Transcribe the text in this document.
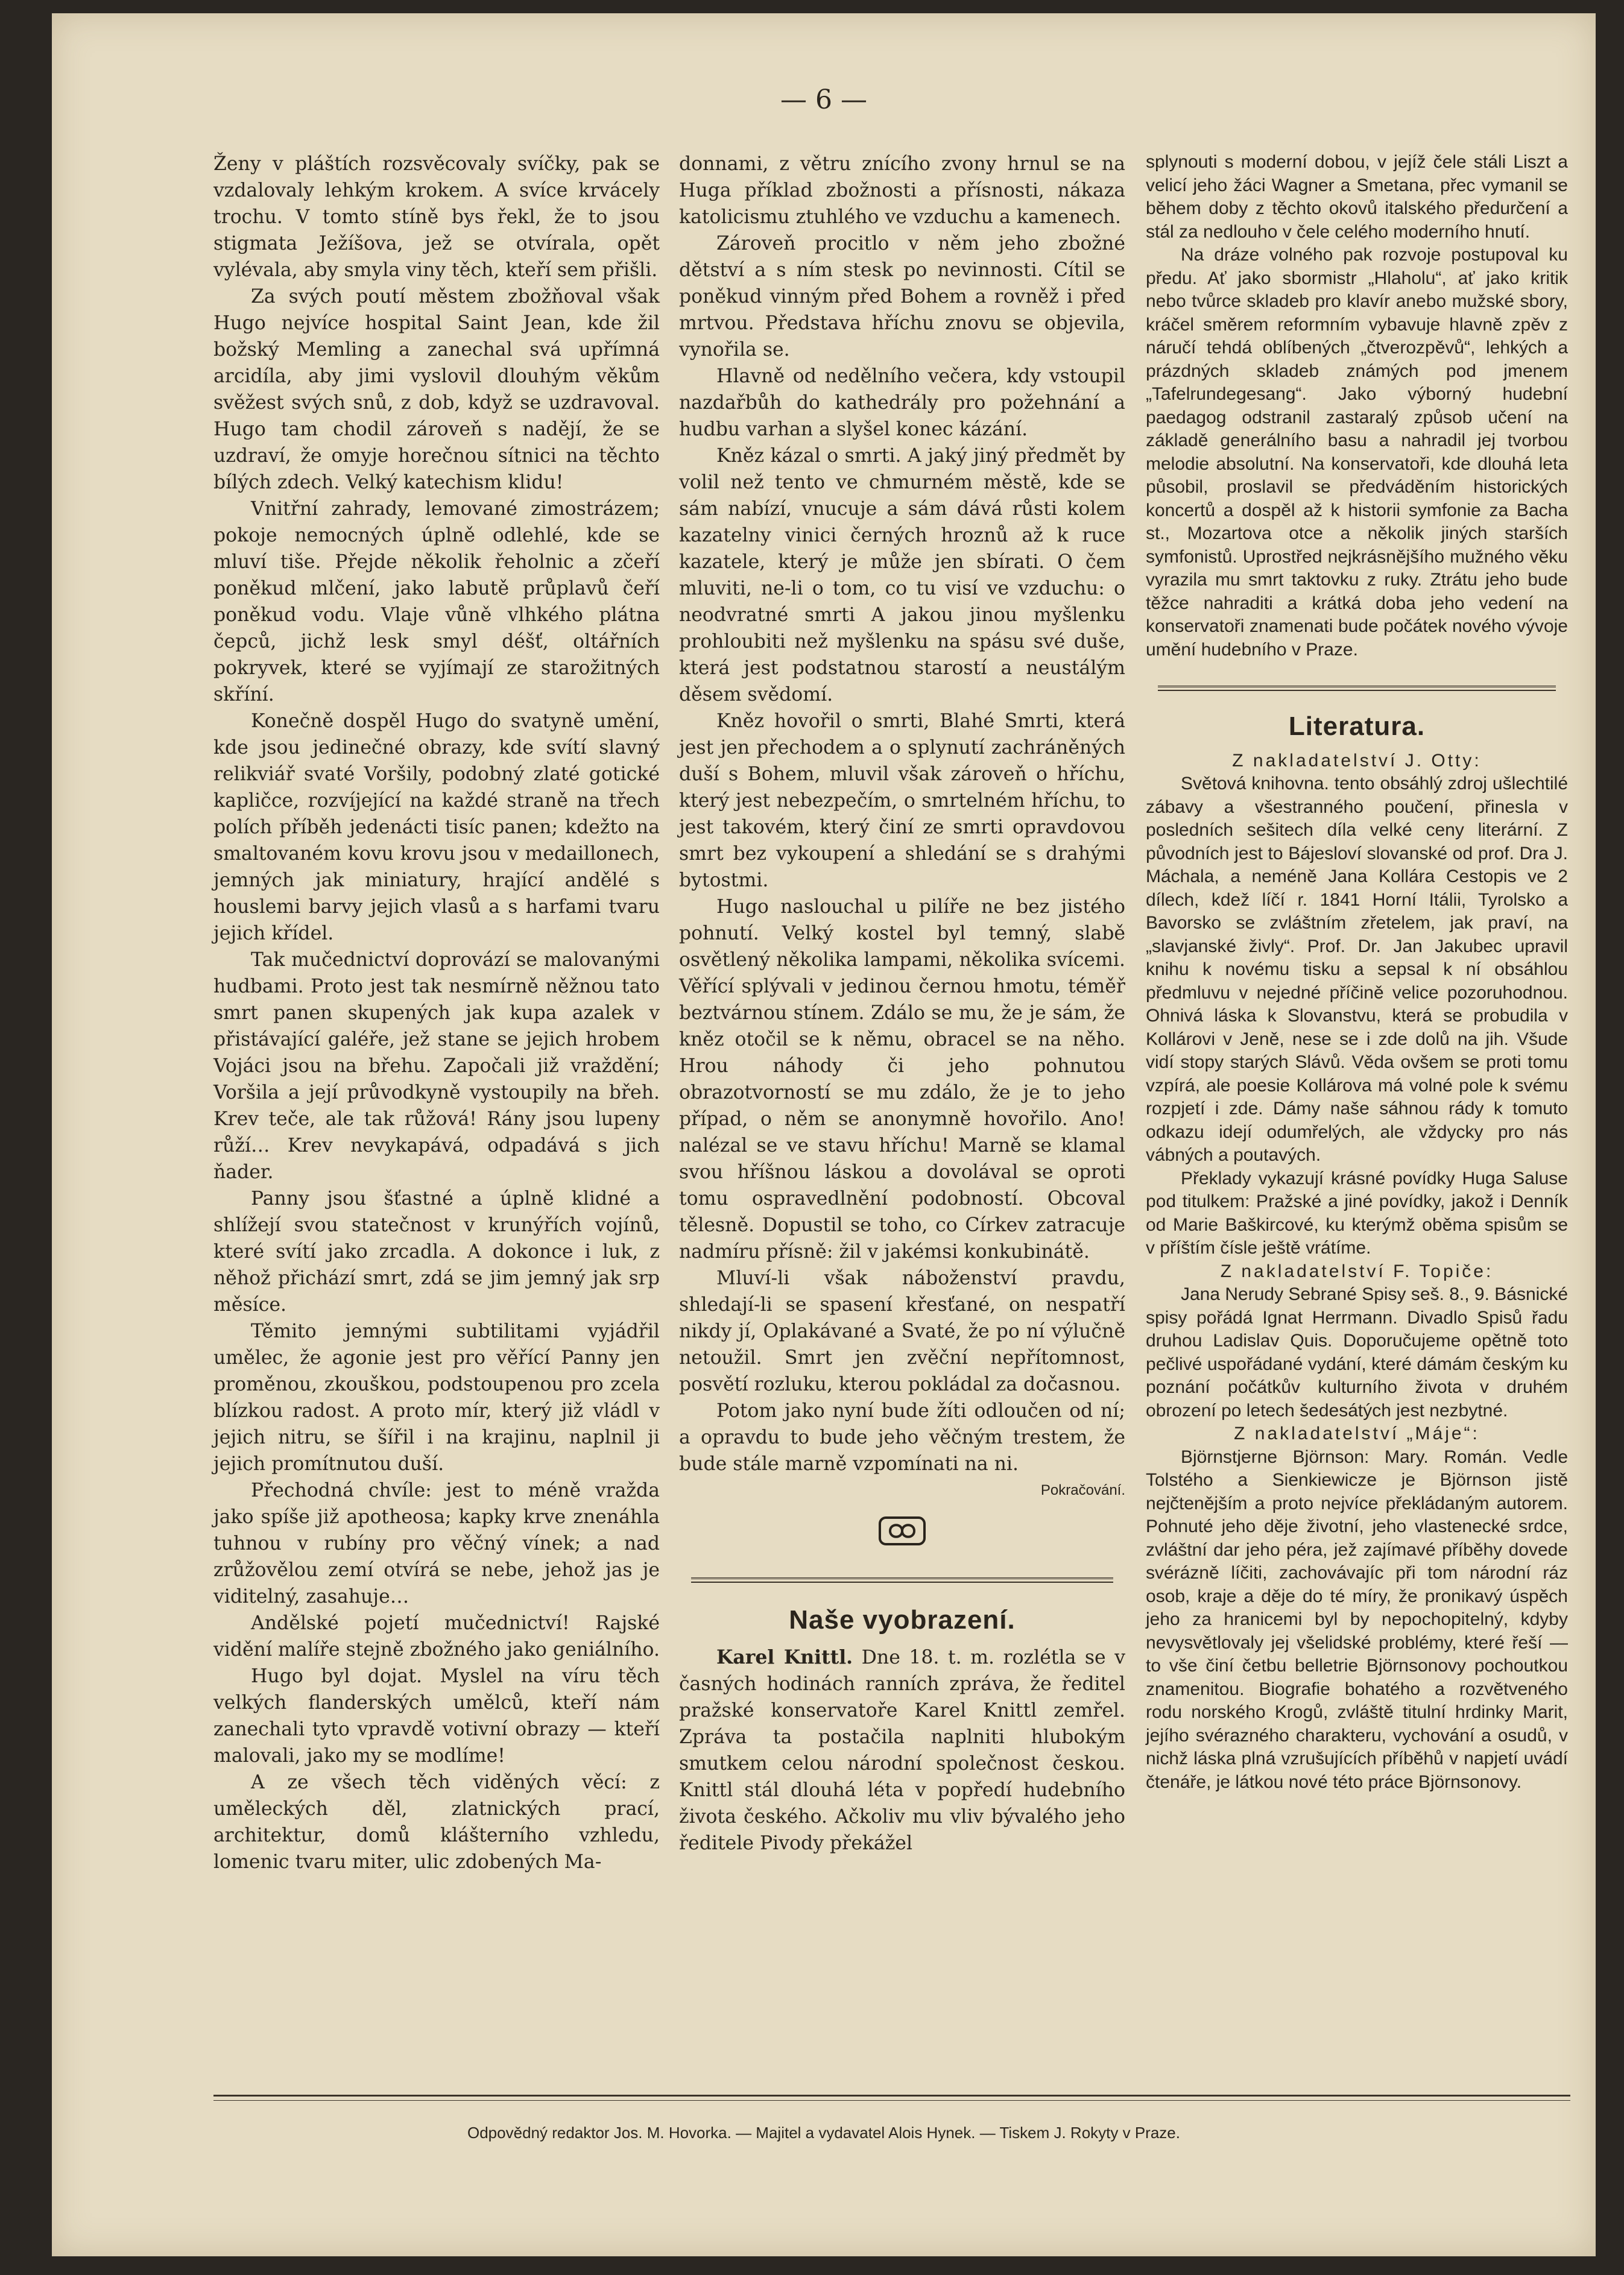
— 6 —

Ženy v pláštích rozsvěcovaly svíčky, pak se vzdalovaly lehkým krokem. A svíce krvácely trochu. V tomto stíně bys řekl, že to jsou stigmata Ježíšova, jež se otvírala, opět vylévala, aby smyla viny těch, kteří sem přišli.

Za svých poutí městem zbožňoval však Hugo nejvíce hospital Saint Jean, kde žil božský Memling a zanechal svá upřímná arcidíla, aby jimi vyslovil dlouhým věkům svěžest svých snů, z dob, když se uzdravoval. Hugo tam chodil zároveň s nadějí, že se uzdraví, že omyje horečnou sítnici na těchto bílých zdech. Velký katechism klidu!

Vnitřní zahrady, lemované zimostrázem; pokoje nemocných úplně odlehlé, kde se mluví tiše. Přejde několik řeholnic a zčeří poněkud mlčení, jako labutě průplavů čeří poněkud vodu. Vlaje vůně vlhkého plátna čepců, jichž lesk smyl déšť, oltářních pokryvek, které se vyjímají ze starožitných skříní.

Konečně dospěl Hugo do svatyně umění, kde jsou jedinečné obrazy, kde svítí slavný relikviář svaté Voršily, podobný zlaté gotické kapličce, rozvíjející na každé straně na třech polích příběh jedenácti tisíc panen; kdežto na smaltovaném kovu krovu jsou v medaillonech, jemných jak miniatury, hrající andělé s houslemi barvy jejich vlasů a s harfami tvaru jejich křídel.

Tak mučednictví doprovází se malovanými hudbami. Proto jest tak nesmírně něžnou tato smrt panen skupených jak kupa azalek v přistávající galéře, jež stane se jejich hrobem Vojáci jsou na břehu. Započali již vraždění; Voršila a její průvodkyně vystoupily na břeh. Krev teče, ale tak růžová! Rány jsou lupeny růží… Krev nevykapává, odpadává s jich ňader.

Panny jsou šťastné a úplně klidné a shlížejí svou statečnost v krunýřích vojínů, které svítí jako zrcadla. A dokonce i luk, z něhož přichází smrt, zdá se jim jemný jak srp měsíce.

Těmito jemnými subtilitami vyjádřil umělec, že agonie jest pro věřící Panny jen proměnou, zkouškou, podstoupenou pro zcela blízkou radost. A proto mír, který již vládl v jejich nitru, se šířil i na krajinu, naplnil ji jejich promítnutou duší.

Přechodná chvíle: jest to méně vražda jako spíše již apotheosa; kapky krve znenáhla tuhnou v rubíny pro věčný vínek; a nad zrůžovělou zemí otvírá se nebe, jehož jas je viditelný, zasahuje…

Andělské pojetí mučednictví! Rajské vidění malíře stejně zbožného jako geniálního.

Hugo byl dojat. Myslel na víru těch velkých flanderských umělců, kteří nám zanechali tyto vpravdě votivní obrazy — kteří malovali, jako my se modlíme!

A ze všech těch viděných věcí: z uměleckých děl, zlatnických prací, architektur, domů klášterního vzhledu, lomenic tvaru miter, ulic zdobených Ma-

donnami, z větru znícího zvony hrnul se na Huga příklad zbožnosti a přísnosti, nákaza katolicismu ztuhlého ve vzduchu a kamenech.

Zároveň procitlo v něm jeho zbožné dětství a s ním stesk po nevinnosti. Cítil se poněkud vinným před Bohem a rovněž i před mrtvou. Představa hříchu znovu se objevila, vynořila se.

Hlavně od nedělního večera, kdy vstoupil nazdařbůh do kathedrály pro požehnání a hudbu varhan a slyšel konec kázání.

Kněz kázal o smrti. A jaký jiný předmět by volil než tento ve chmurném městě, kde se sám nabízí, vnucuje a sám dává růsti kolem kazatelny vinici černých hroznů až k ruce kazatele, který je může jen sbírati. O čem mluviti, ne-li o tom, co tu visí ve vzduchu: o neodvratné smrti A jakou jinou myšlenku prohloubiti než myšlenku na spásu své duše, která jest podstatnou starostí a neustálým děsem svědomí.

Kněz hovořil o smrti, Blahé Smrti, která jest jen přechodem a o splynutí zachráněných duší s Bohem, mluvil však zároveň o hříchu, který jest nebezpečím, o smrtelném hříchu, to jest takovém, který činí ze smrti opravdovou smrt bez vykoupení a shledání se s drahými bytostmi.

Hugo naslouchal u pilíře ne bez jistého pohnutí. Velký kostel byl temný, slabě osvětlený několika lampami, několika svícemi. Věřící splývali v jedinou černou hmotu, téměř beztvárnou stínem. Zdálo se mu, že je sám, že kněz otočil se k němu, obracel se na něho. Hrou náhody či jeho pohnutou obrazotvorností se mu zdálo, že je to jeho případ, o něm se anonymně hovořilo. Ano! nalézal se ve stavu hříchu! Marně se klamal svou hříšnou láskou a dovolával se oproti tomu ospravedlnění podobností. Obcoval tělesně. Dopustil se toho, co Církev zatracuje nadmíru přísně: žil v jakémsi konkubinátě.

Mluví-li však náboženství pravdu, shledají-li se spasení křesťané, on nespatří nikdy jí, Oplakávané a Svaté, že po ní výlučně netoužil. Smrt jen zvěční nepřítomnost, posvětí rozluku, kterou pokládal za dočasnou.

Potom jako nyní bude žíti odloučen od ní; a opravdu to bude jeho věčným trestem, že bude stále marně vzpomínati na ni.

Pokračování.

Naše vyobrazení.

Karel Knittl. Dne 18. t. m. rozlétla se v časných hodinách ranních zpráva, že ředitel pražské konservatoře Karel Knittl zemřel. Zpráva ta postačila naplniti hlubokým smutkem celou národní společnost českou. Knittl stál dlouhá léta v popředí hudebního života českého. Ačkoliv mu vliv bývalého jeho ředitele Pivody překážel

splynouti s moderní dobou, v jejíž čele stáli Liszt a velicí jeho žáci Wagner a Smetana, přec vymanil se během doby z těchto okovů italského předurčení a stál za nedlouho v čele celého moderního hnutí.

Na dráze volného pak rozvoje postupoval ku předu. Ať jako sbormistr „Hlaholu“, ať jako kritik nebo tvůrce skladeb pro klavír anebo mužské sbory, kráčel směrem reformním vybavuje hlavně zpěv z náručí tehdá oblíbených „čtverozpěvů“, lehkých a prázdných skladeb známých pod jmenem „Tafelrundegesang“. Jako výborný hudební paedagog odstranil zastaralý způsob učení na základě generálního basu a nahradil jej tvorbou melodie absolutní. Na konservatoři, kde dlouhá leta působil, proslavil se předváděním historických koncertů a dospěl až k historii symfonie za Bacha st., Mozartova otce a několik jiných starších symfonistů. Uprostřed nejkrásnějšího mužného věku vyrazila mu smrt taktovku z ruky. Ztrátu jeho bude těžce nahraditi a krátká doba jeho vedení na konservatoři znamenati bude počátek nového vývoje umění hudebního v Praze.

Literatura.

Z nakladatelství J. Otty:

Světová knihovna. tento obsáhlý zdroj ušlechtilé zábavy a všestranného poučení, přinesla v posledních sešitech díla velké ceny literární. Z původních jest to Bájesloví slovanské od prof. Dra J. Máchala, a neméně Jana Kollára Cestopis ve 2 dílech, kdež líčí r. 1841 Horní Itálii, Tyrolsko a Bavorsko se zvláštním zřetelem, jak praví, na „slavjanské živly“. Prof. Dr. Jan Jakubec upravil knihu k novému tisku a sepsal k ní obsáhlou předmluvu v nejedné příčině velice pozoruhodnou. Ohnivá láska k Slovanstvu, která se probudila v Kollárovi v Jeně, nese se i zde dolů na jih. Všude vidí stopy starých Slávů. Věda ovšem se proti tomu vzpírá, ale poesie Kollárova má volné pole k svému rozpjetí i zde. Dámy naše sáhnou rády k tomuto odkazu idejí odumřelých, ale vždycky pro nás vábných a poutavých.

Překlady vykazují krásné povídky Huga Saluse pod titulkem: Pražské a jiné povídky, jakož i Denník od Marie Baškircové, ku kterýmž oběma spisům se v příštím čísle ještě vrátíme.

Z nakladatelství F. Topiče:

Jana Nerudy Sebrané Spisy seš. 8., 9. Básnické spisy pořádá Ignat Herrmann. Divadlo Spisů řadu druhou Ladislav Quis. Doporučujeme opětně toto pečlivé uspořádané vydání, které dámám českým ku poznání počátkův kulturního života v druhém obrození po letech šedesátých jest nezbytné.

Z nakladatelství „Máje“:

Björnstjerne Björnson: Mary. Román. Vedle Tolstého a Sienkiewicze je Björnson jistě nejčtenějším a proto nejvíce překládaným autorem. Pohnuté jeho děje životní, jeho vlastenecké srdce, zvláštní dar jeho péra, jež zajímavé příběhy dovede svérázně líčiti, zachovávajíc při tom národní ráz osob, kraje a děje do té míry, že pronikavý úspěch jeho za hranicemi byl by nepochopitelný, kdyby nevysvětlovaly jej všelidské problémy, které řeší — to vše činí četbu belletrie Björnsonovy pochoutkou znamenitou. Biografie bohatého a rozvětveného rodu norského Krogů, zvláště titulní hrdinky Marit, jejího svérazného charakteru, vychování a osudů, v nichž láska plná vzrušujících příběhů v napjetí uvádí čtenáře, je látkou nové této práce Björnsonovy.

Odpovědný redaktor Jos. M. Hovorka. — Majitel a vydavatel Alois Hynek. — Tiskem J. Rokyty v Praze.
